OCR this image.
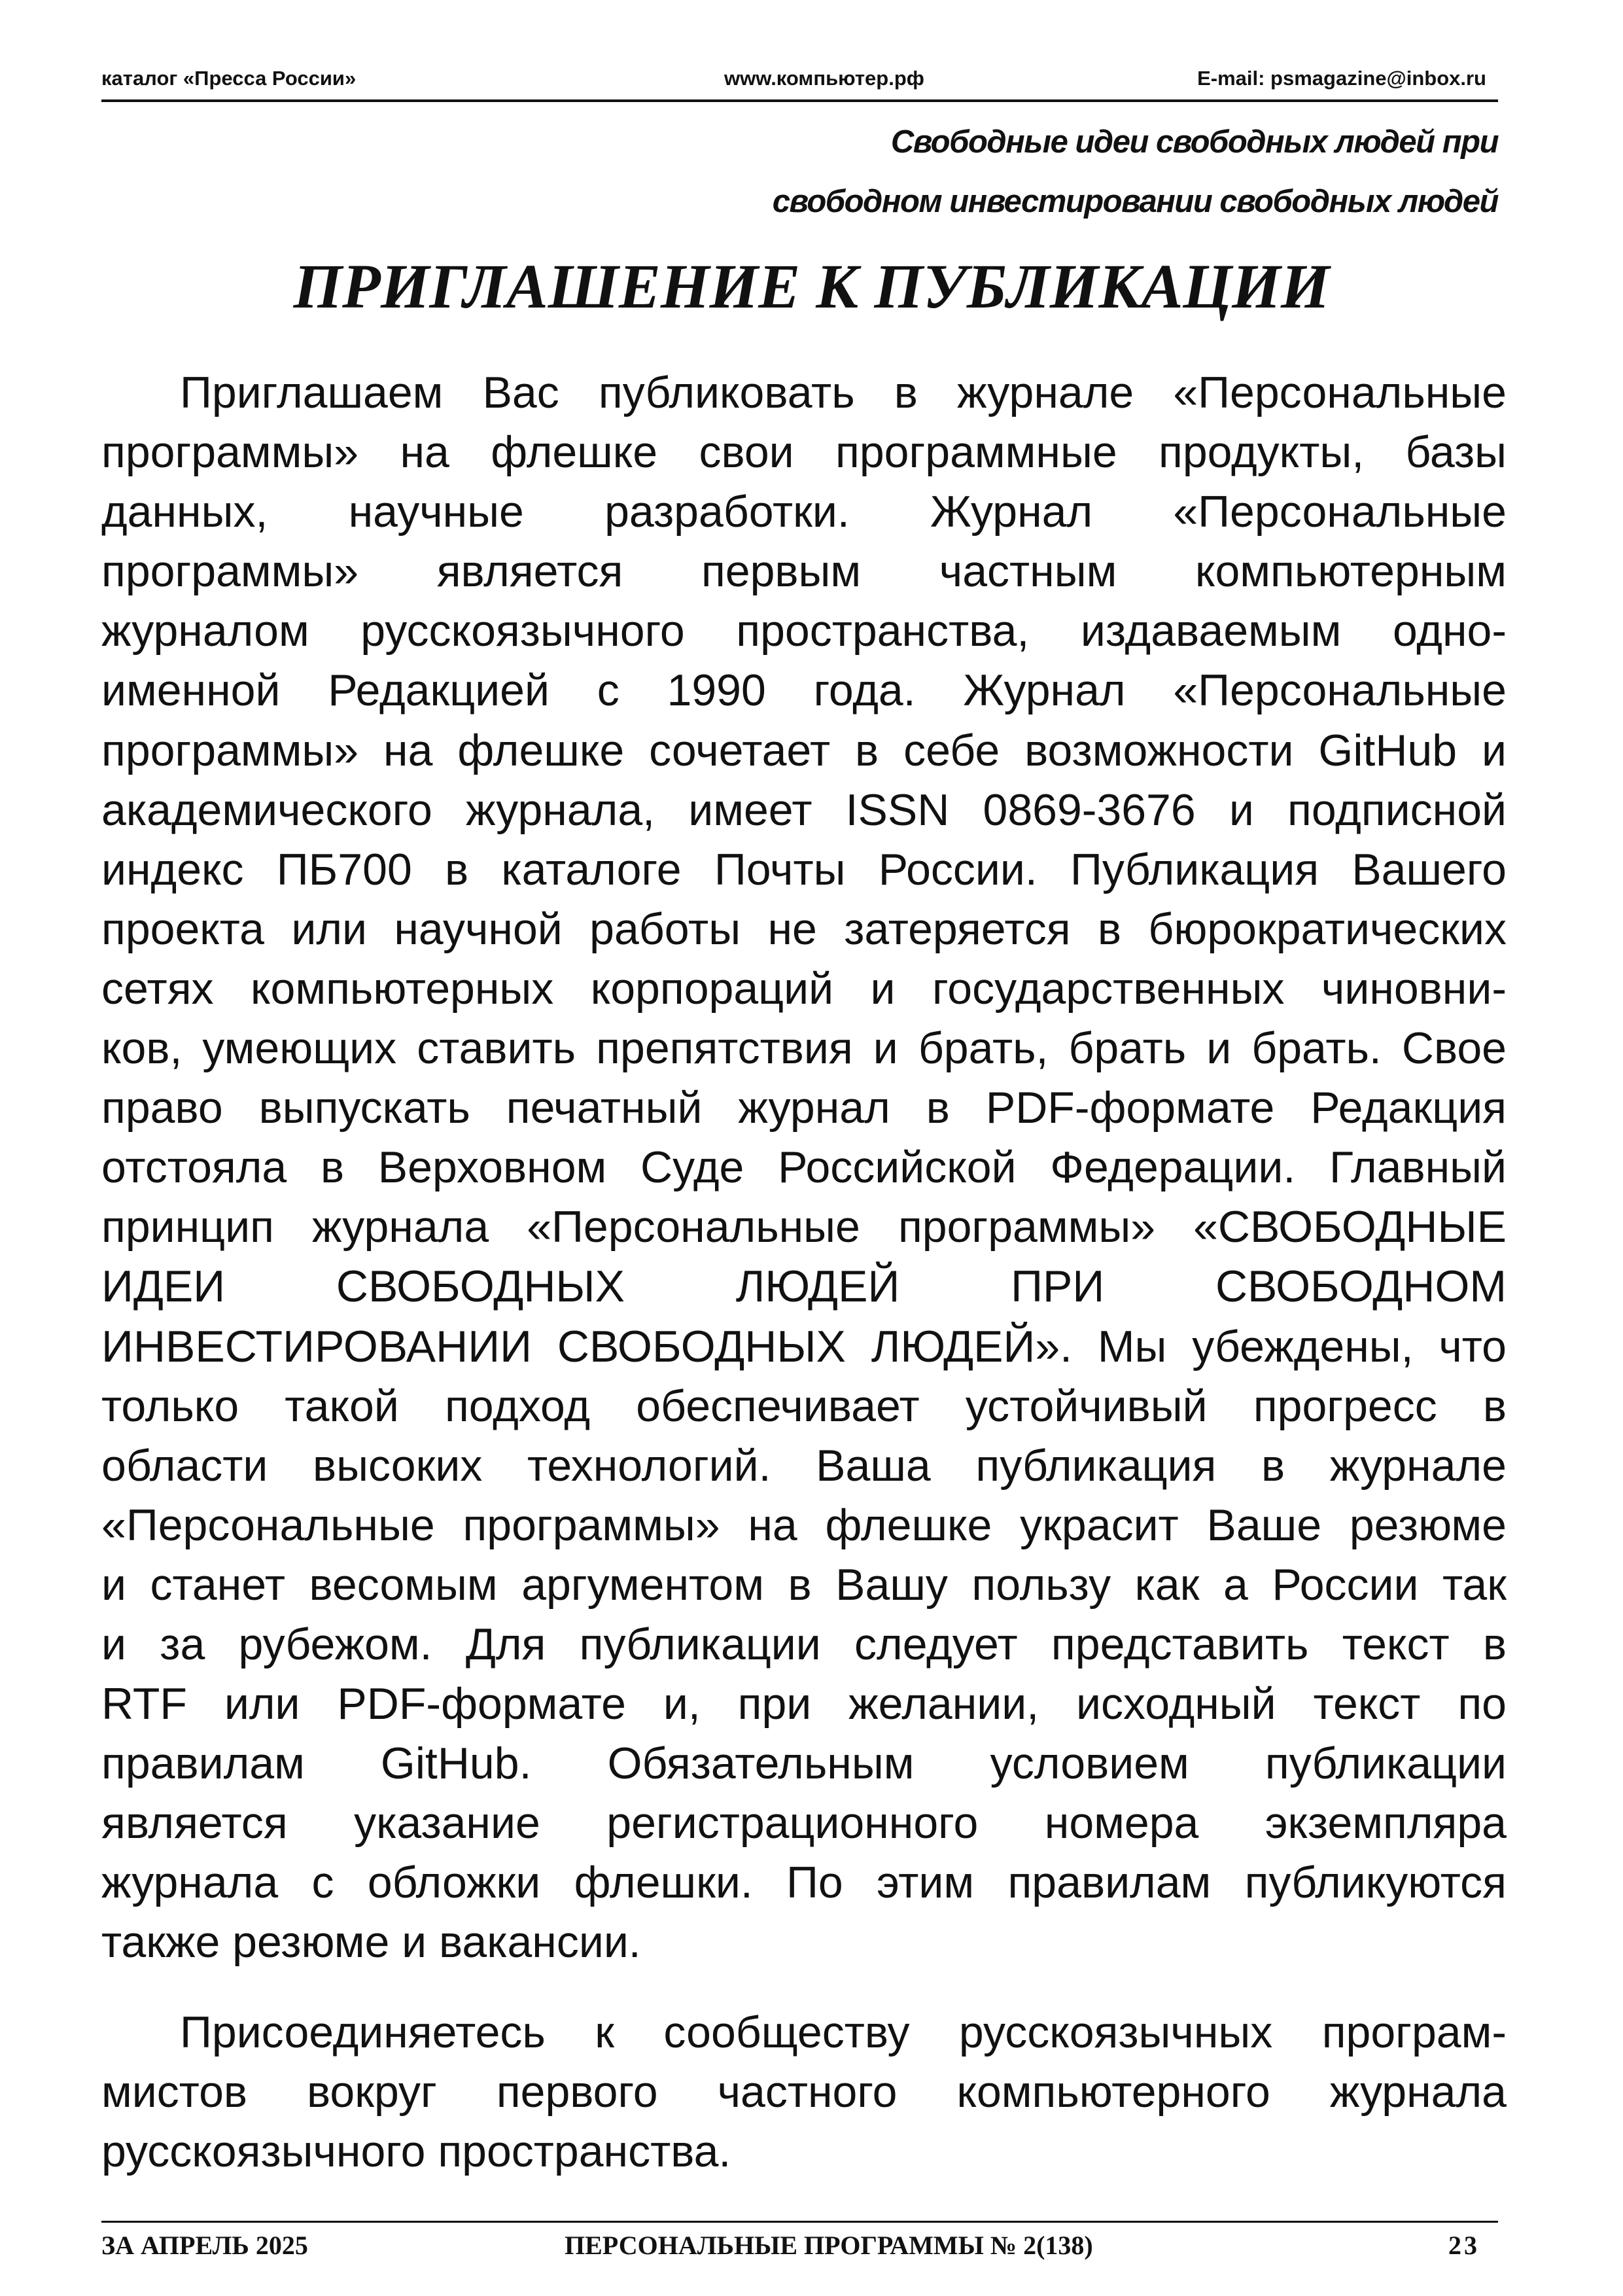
каталог «Пресса России»	www.компьютер.рф	E-mail: psmagazine@inbox.ru
Свободные идеи свободных людей при
свободном инвестировании свободных людей
ПРИГЛАШЕНИЕ К ПУБЛИКАЦИИ

Приглашаем Вас публиковать в журнале «Персональные
программы» на флешке свои программные продукты, базы
данных, научные разработки. Журнал «Персональные
программы» является первым частным компьютерным
журналом русскоязычного пространства, издаваемым одно-
именной Редакцией с 1990 года. Журнал «Персональные
программы» на флешке сочетает в себе возможности GitHub и
академического журнала, имеет ISSN 0869-3676 и подписной
индекс ПБ700 в каталоге Почты России. Публикация Вашего
проекта или научной работы не затеряется в бюрократических
сетях компьютерных корпораций и государственных чиновни-
ков, умеющих ставить препятствия и брать, брать и брать. Свое
право выпускать печатный журнал в PDF-формате Редакция
отстояла в Верховном Суде Российской Федерации. Главный
принцип журнала «Персональные программы» «СВОБОДНЫЕ
ИДЕИ СВОБОДНЫХ ЛЮДЕЙ ПРИ СВОБОДНОМ
ИНВЕСТИРОВАНИИ СВОБОДНЫХ ЛЮДЕЙ». Мы убеждены, что
только такой подход обеспечивает устойчивый прогресс в
области высоких технологий. Ваша публикация в журнале
«Персональные программы» на флешке украсит Ваше резюме
и станет весомым аргументом в Вашу пользу как а России так
и за рубежом. Для публикации следует представить текст в
RTF или PDF-формате и, при желании, исходный текст по
правилам GitHub. Обязательным условием публикации
является указание регистрационного номера экземпляра
журнала с обложки флешки. По этим правилам публикуются
также резюме и вакансии.

Присоединяетесь к сообществу русскоязычных програм-
мистов вокруг первого частного компьютерного журнала
русскоязычного пространства.

ЗА АПРЕЛЬ 2025	ПЕРСОНАЛЬНЫЕ ПРОГРАММЫ № 2(138)	23
